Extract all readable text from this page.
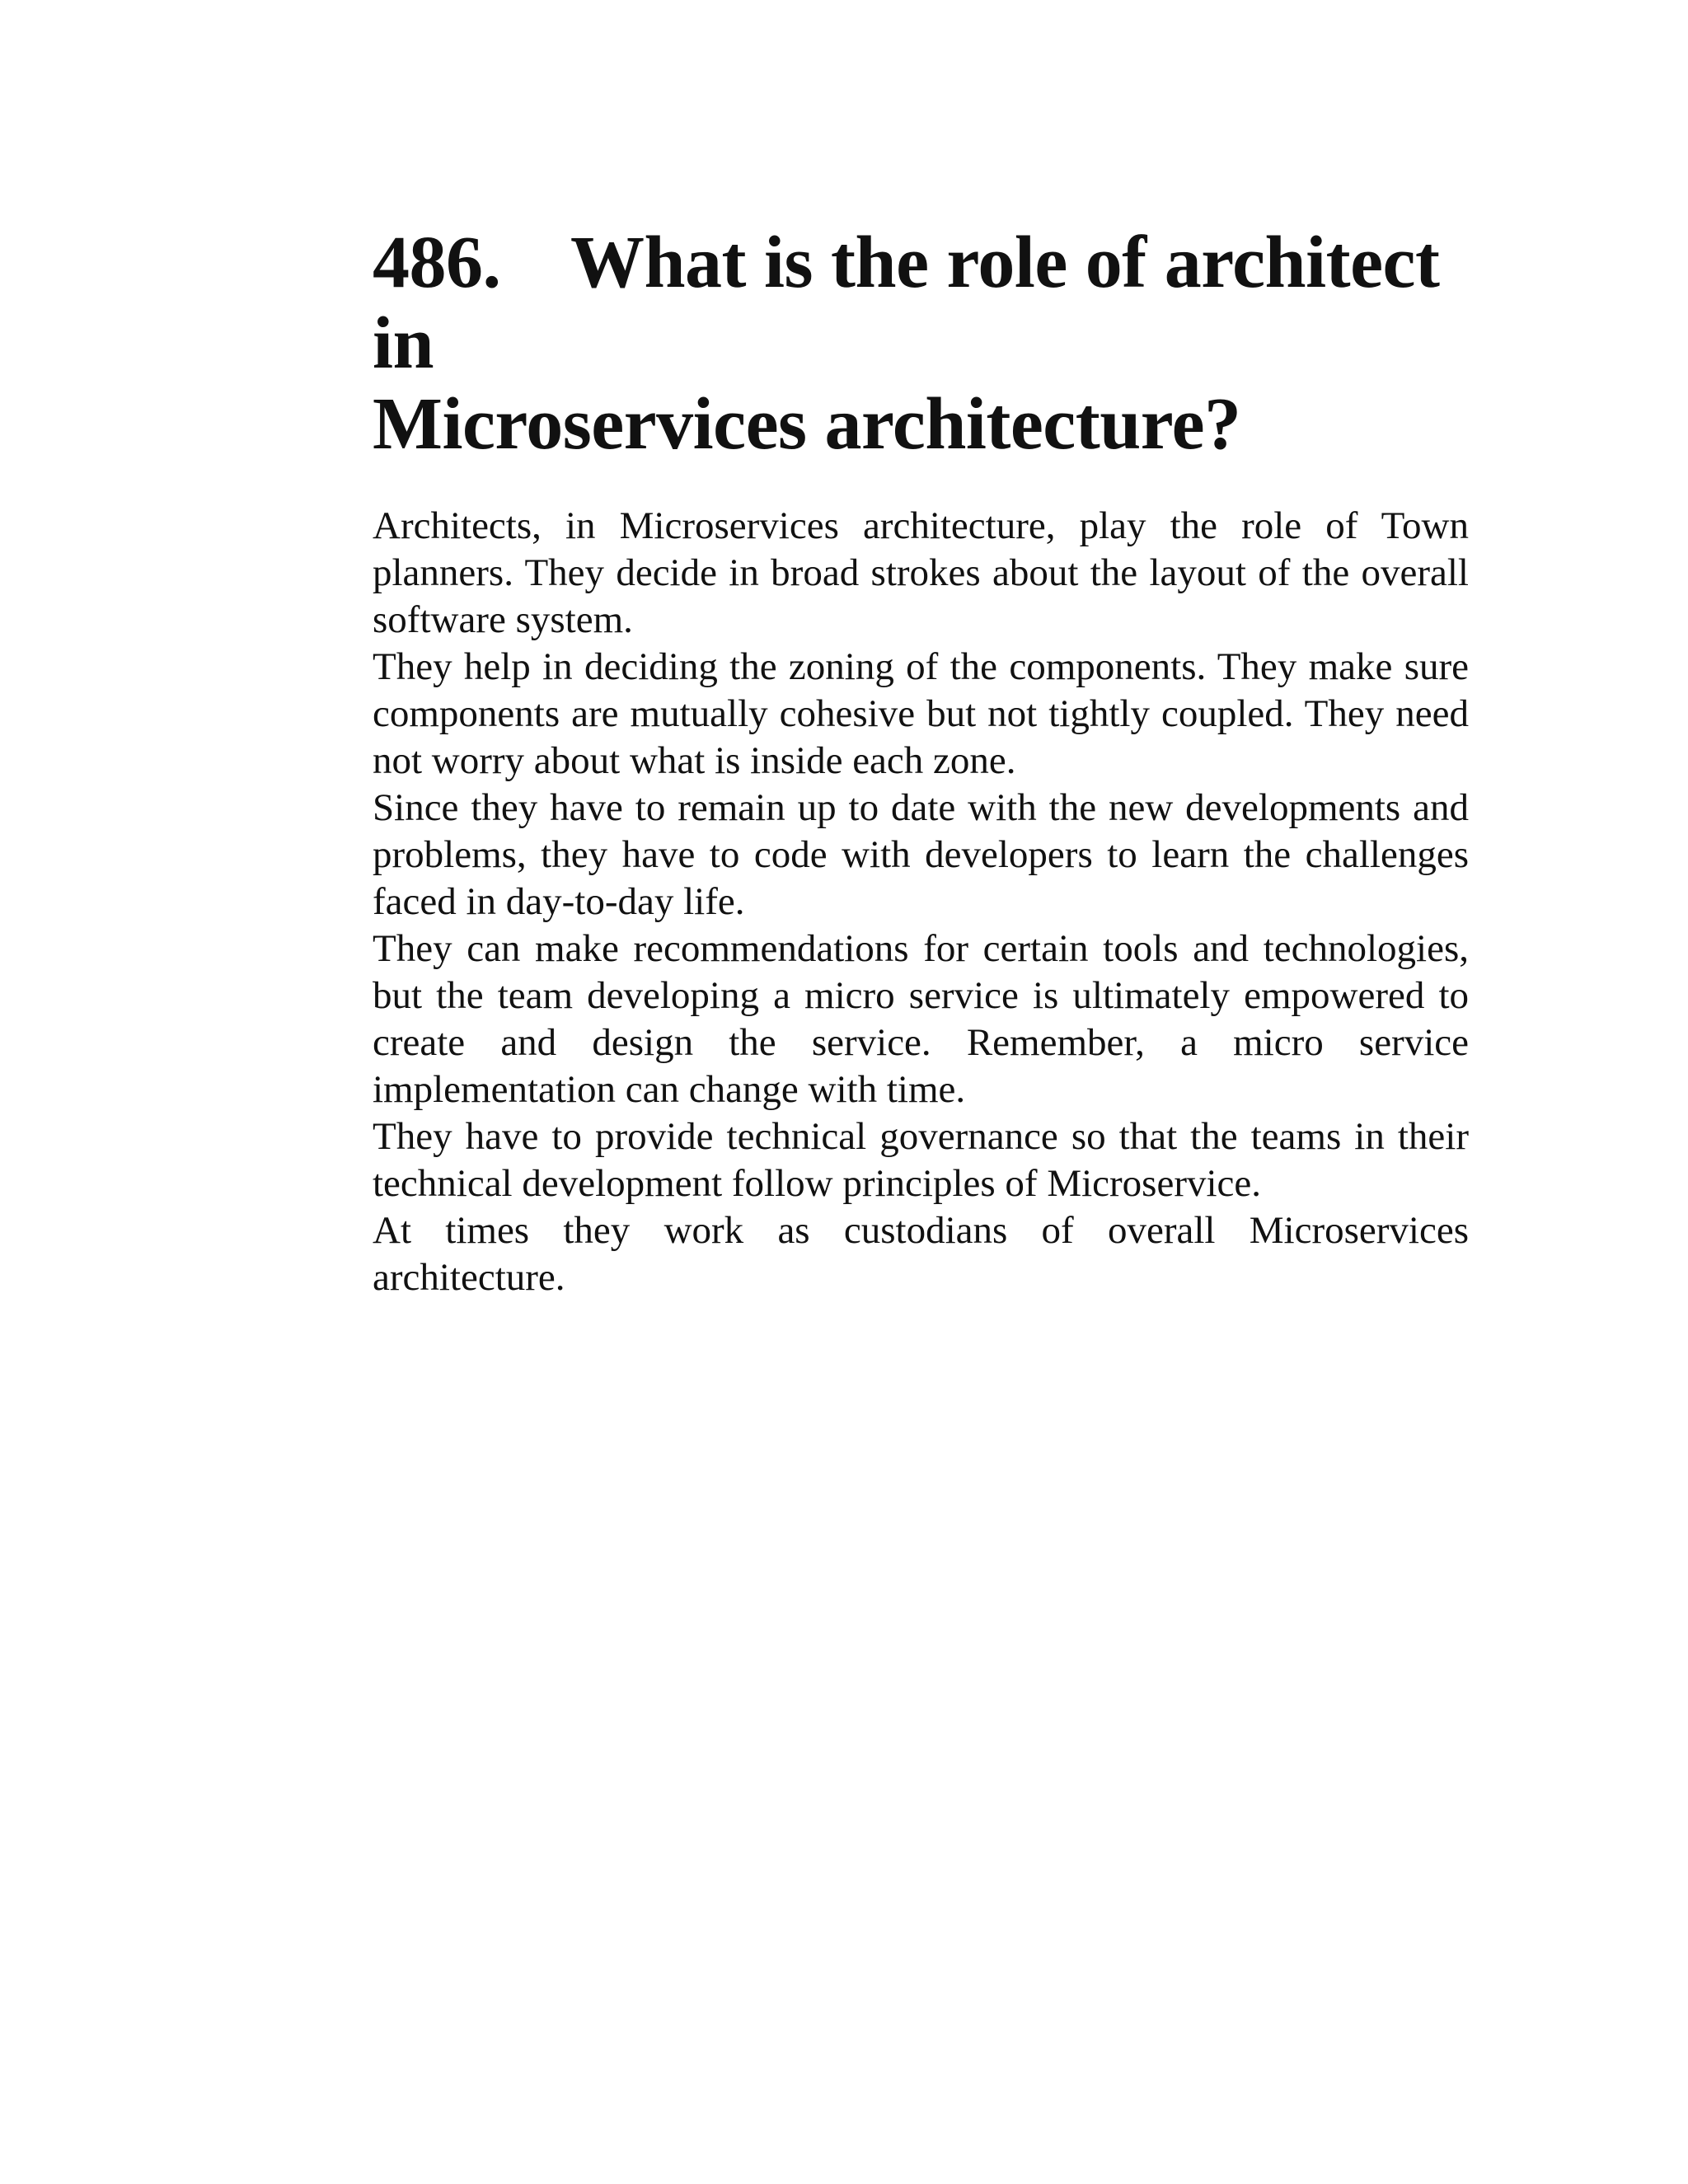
486. What is the role of architect in
Microservices architecture?

Architects, in Microservices architecture, play the role of Town planners. They decide in broad strokes about the layout of the overall software system.

They help in deciding the zoning of the components. They make sure components are mutually cohesive but not tightly coupled. They need not worry about what is inside each zone.

Since they have to remain up to date with the new developments and problems, they have to code with developers to learn the challenges faced in day-to-day life.

They can make recommendations for certain tools and technologies, but the team developing a micro service is ultimately empowered to create and design the service. Remember, a micro service implementation can change with time.

They have to provide technical governance so that the teams in their technical development follow principles of Microservice.

At times they work as custodians of overall Microservices architecture.
